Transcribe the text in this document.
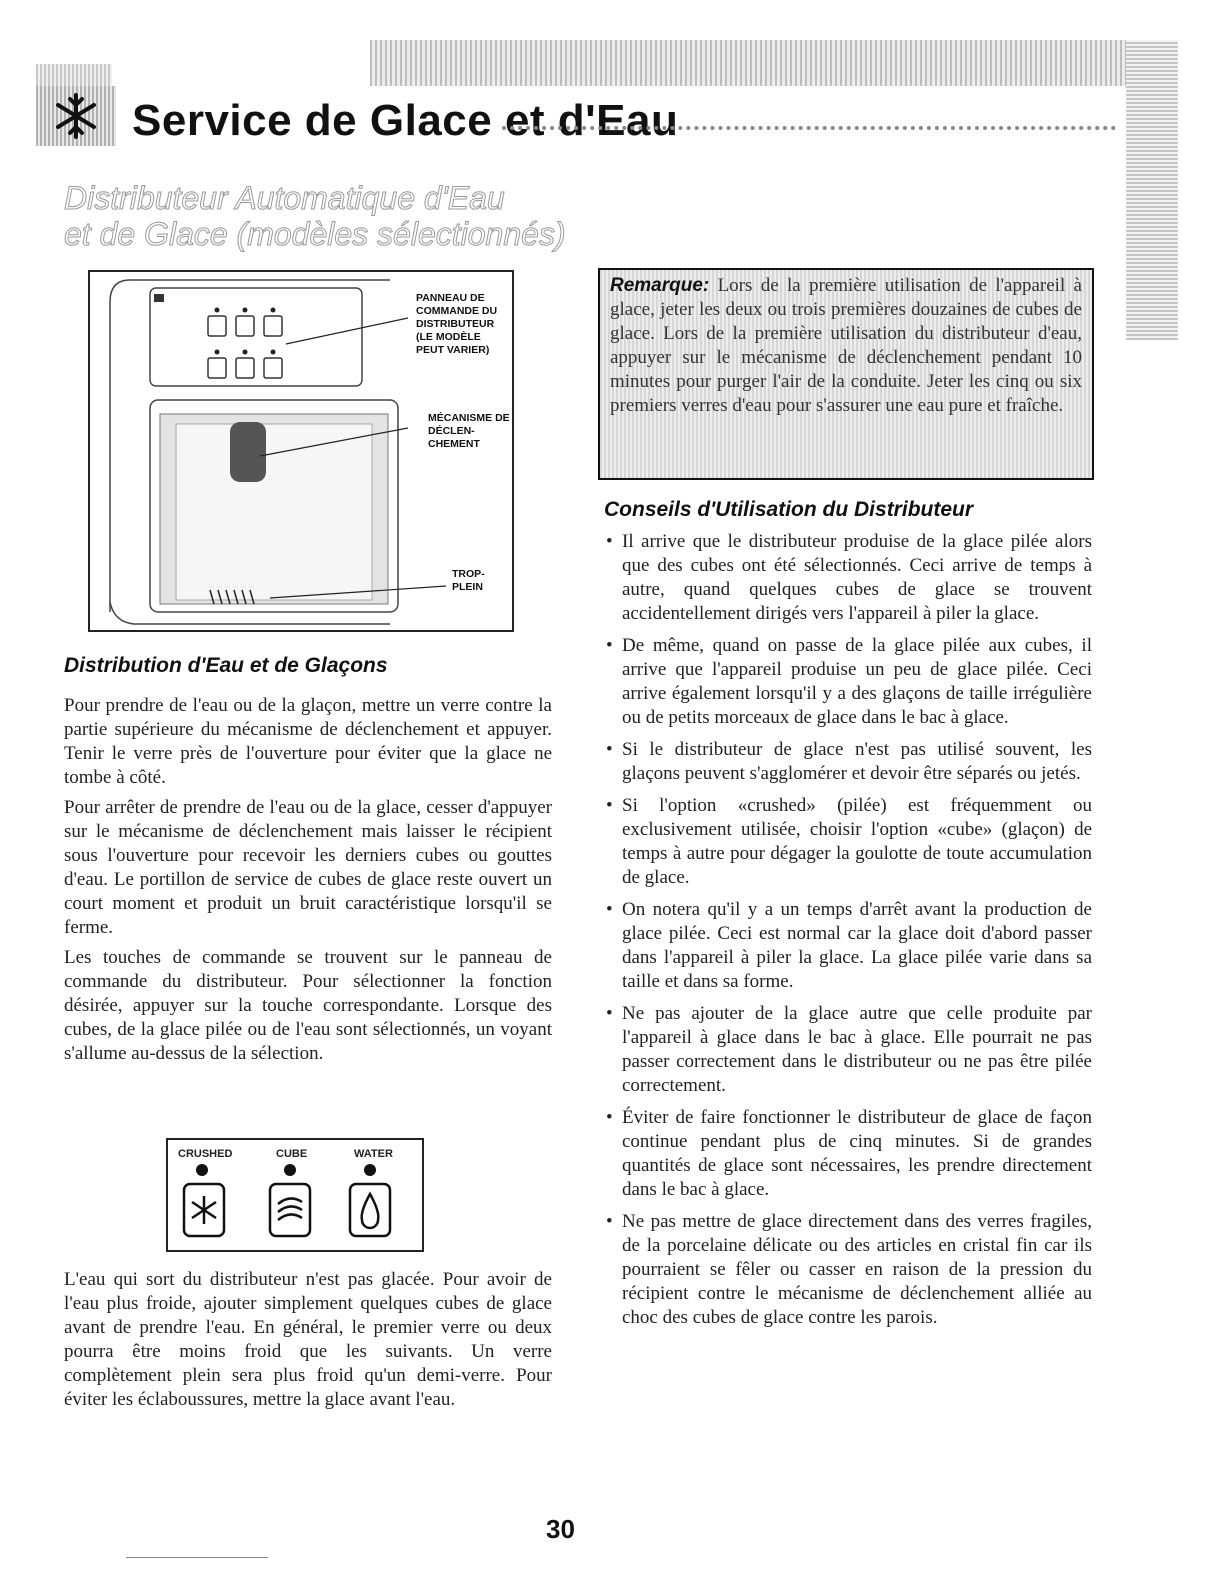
Service de Glace et d'Eau
Distributeur Automatique d'Eau
et de Glace (modèles sélectionnés)
PANNEAU DE COMMANDE DU DISTRIBUTEUR
(LE MODÈLE PEUT VARIER)
MÉCANISME DE DÉCLEN-CHEMENT
TROP-PLEIN
Distribution d'Eau et de Glaçons

Pour prendre de l'eau ou de la glaçon, mettre un verre contre la partie supérieure du mécanisme de déclenchement et appuyer. Tenir le verre près de l'ouverture pour éviter que la glace ne tombe à côté.

Pour arrêter de prendre de l'eau ou de la glace, cesser d'appuyer sur le mécanisme de déclenchement mais laisser le récipient sous l'ouverture pour recevoir les derniers cubes ou gouttes d'eau. Le portillon de service de cubes de glace reste ouvert un court moment et produit un bruit caractéristique lorsqu'il se ferme.

Les touches de commande se trouvent sur le panneau de commande du distributeur. Pour sélectionner la fonction désirée, appuyer sur la touche correspondante. Lorsque des cubes, de la glace pilée ou de l'eau sont sélectionnés, un voyant s'allume au-dessus de la sélection.

CRUSHED	CUBE	WATER

L'eau qui sort du distributeur n'est pas glacée. Pour avoir de l'eau plus froide, ajouter simplement quelques cubes de glace avant de prendre l'eau. En général, le premier verre ou deux pourra être moins froid que les suivants. Un verre complètement plein sera plus froid qu'un demi-verre. Pour éviter les éclaboussures, mettre la glace avant l'eau.

Remarque: Lors de la première utilisation de l'appareil à glace, jeter les deux ou trois premières douzaines de cubes de glace. Lors de la première utilisation du distributeur d'eau, appuyer sur le mécanisme de déclenchement pendant 10 minutes pour purger l'air de la conduite. Jeter les cinq ou six premiers verres d'eau pour s'assurer une eau pure et fraîche.
Conseils d'Utilisation du Distributeur
• Il arrive que le distributeur produise de la glace pilée alors que des cubes ont été sélectionnés. Ceci arrive de temps à autre, quand quelques cubes de glace se trouvent accidentellement dirigés vers l'appareil à piler la glace.
• De même, quand on passe de la glace pilée aux cubes, il arrive que l'appareil produise un peu de glace pilée. Ceci arrive également lorsqu'il y a des glaçons de taille irrégulière ou de petits morceaux de glace dans le bac à glace.
• Si le distributeur de glace n'est pas utilisé souvent, les glaçons peuvent s'agglomérer et devoir être séparés ou jetés.
• Si l'option «crushed» (pilée) est fréquemment ou exclusivement utilisée, choisir l'option «cube» (glaçon) de temps à autre pour dégager la goulotte de toute accumulation de glace.
• On notera qu'il y a un temps d'arrêt avant la production de glace pilée. Ceci est normal car la glace doit d'abord passer dans l'appareil à piler la glace. La glace pilée varie dans sa taille et dans sa forme.
• Ne pas ajouter de la glace autre que celle produite par l'appareil à glace dans le bac à glace. Elle pourrait ne pas passer correctement dans le distributeur ou ne pas être pilée correctement.
• Éviter de faire fonctionner le distributeur de glace de façon continue pendant plus de cinq minutes. Si de grandes quantités de glace sont nécessaires, les prendre directement dans le bac à glace.
• Ne pas mettre de glace directement dans des verres fragiles, de la porcelaine délicate ou des articles en cristal fin car ils pourraient se fêler ou casser en raison de la pression du récipient contre le mécanisme de déclenchement alliée au choc des cubes de glace contre les parois.
30
